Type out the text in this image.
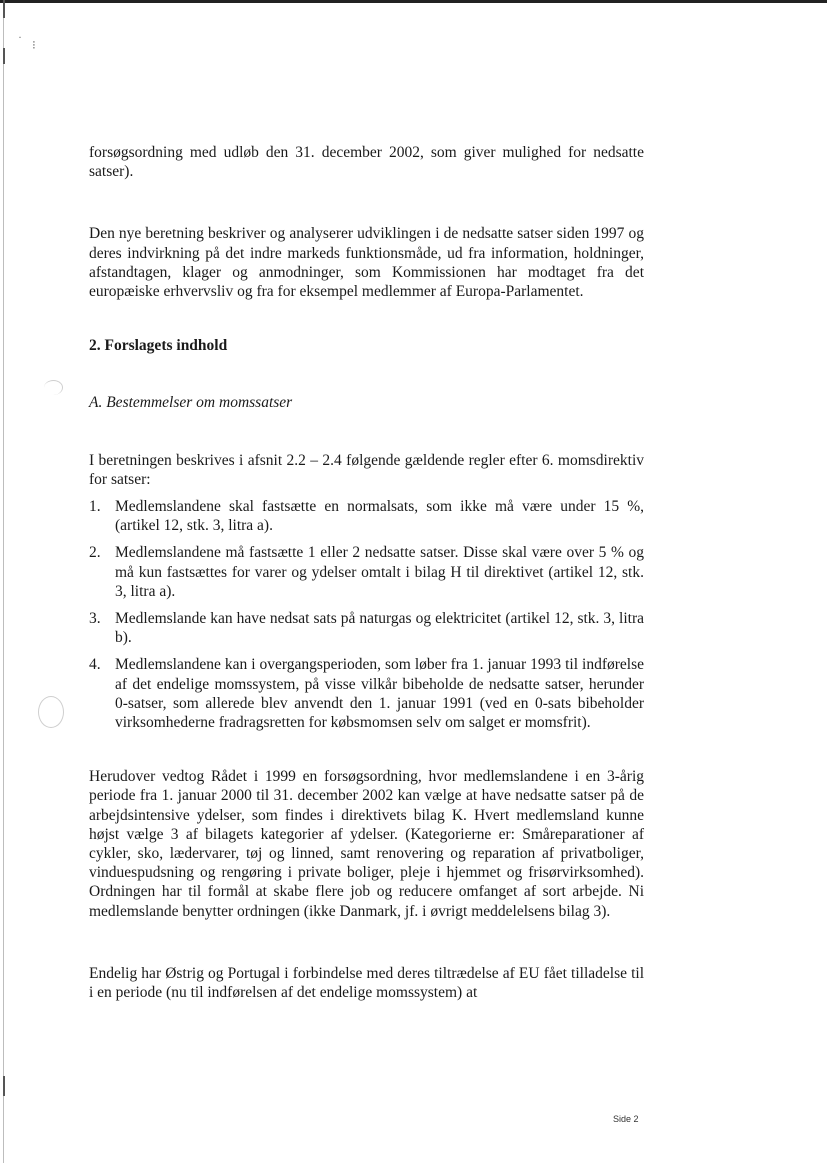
·
⁝

forsøgsordning med udløb den 31. december 2002, som giver mulighed for nedsatte satser).

Den nye beretning beskriver og analyserer udviklingen i de nedsatte satser siden 1997 og deres indvirkning på det indre markeds funktionsmåde, ud fra information, holdninger, afstandtagen, klager og anmodninger, som Kommissionen har modtaget fra det europæiske erhvervsliv og fra for eksempel medlemmer af Europa-Parlamentet.

2. Forslagets indhold

A. Bestemmelser om momssatser

I beretningen beskrives i afsnit 2.2 – 2.4 følgende gældende regler efter 6. momsdirektiv for satser:

1. Medlemslandene skal fastsætte en normalsats, som ikke må være under 15 %, (artikel 12, stk. 3, litra a).
2. Medlemslandene må fastsætte 1 eller 2 nedsatte satser. Disse skal være over 5 % og må kun fastsættes for varer og ydelser omtalt i bilag H til direktivet (artikel 12, stk. 3, litra a).
3. Medlemslande kan have nedsat sats på naturgas og elektricitet (artikel 12, stk. 3, litra b).
4. Medlemslandene kan i overgangsperioden, som løber fra 1. januar 1993 til indførelse af det endelige momssystem, på visse vilkår bibeholde de nedsatte satser, herunder 0-satser, som allerede blev anvendt den 1. januar 1991 (ved en 0-sats bibeholder virksomhederne fradragsretten for købsmomsen selv om salget er momsfrit).

Herudover vedtog Rådet i 1999 en forsøgsordning, hvor medlemslandene i en 3-årig periode fra 1. januar 2000 til 31. december 2002 kan vælge at have nedsatte satser på de arbejdsintensive ydelser, som findes i direktivets bilag K. Hvert medlemsland kunne højst vælge 3 af bilagets kategorier af ydelser. (Kategorierne er: Småreparationer af cykler, sko, lædervarer, tøj og linned, samt renovering og reparation af privatboliger, vinduespudsning og rengøring i private boliger, pleje i hjemmet og frisørvirksomhed). Ordningen har til formål at skabe flere job og reducere omfanget af sort arbejde. Ni medlemslande benytter ordningen (ikke Danmark, jf. i øvrigt meddelelsens bilag 3).

Endelig har Østrig og Portugal i forbindelse med deres tiltrædelse af EU fået tilladelse til i en periode (nu til indførelsen af det endelige momssystem) at

Side 2
